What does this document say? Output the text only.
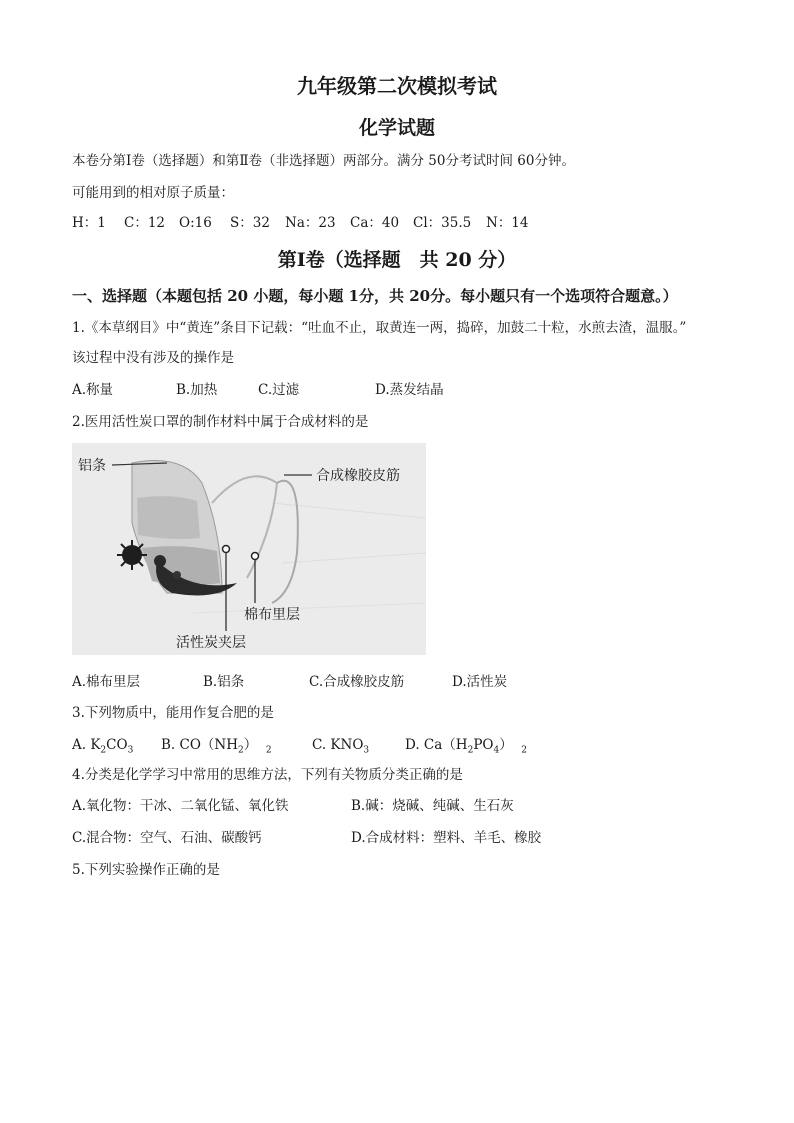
九年级第二次模拟考试
化学试题
本卷分第Ⅰ卷（选择题）和第Ⅱ卷（非选择题）两部分。满分 50分考试时间 60分钟。
可能用到的相对原子质量：
H：1 C：12 O:16 S：32 Na：23 Ca：40 Cl：35.5 N：14
第Ⅰ卷（选择题　共 20 分）
一、选择题（本题包括 20 小题，每小题 1分，共 20分。每小题只有一个选项符合题意。）
1.《本草纲目》中“黄连”条目下记载：“吐血不止，取黄连一两，捣碎，加鼓二十粒，水煎去渣，温服。”
该过程中没有涉及的操作是
A.称量	B.加热	C.过滤	D.蒸发结晶
2.医用活性炭口罩的制作材料中属于合成材料的是
铝条
合成橡胶皮筋
棉布里层
活性炭夹层
A.棉布里层	B.铝条	C.合成橡胶皮筋	D.活性炭
3.下列物质中，能用作复合肥的是
A. $K_2CO_3$ B. $CO(NH_2)$ $_2$	C. $KNO_3$	D. $Ca(H_2PO_4)$ $_2$
4.分类是化学学习中常用的思维方法，下列有关物质分类正确的是
A.氧化物：干冰、二氧化锰、氧化铁	B.碱：烧碱、纯碱、生石灰
C.混合物：空气、石油、碳酸钙	D.合成材料：塑料、羊毛、橡胶
5.下列实验操作正确的是
